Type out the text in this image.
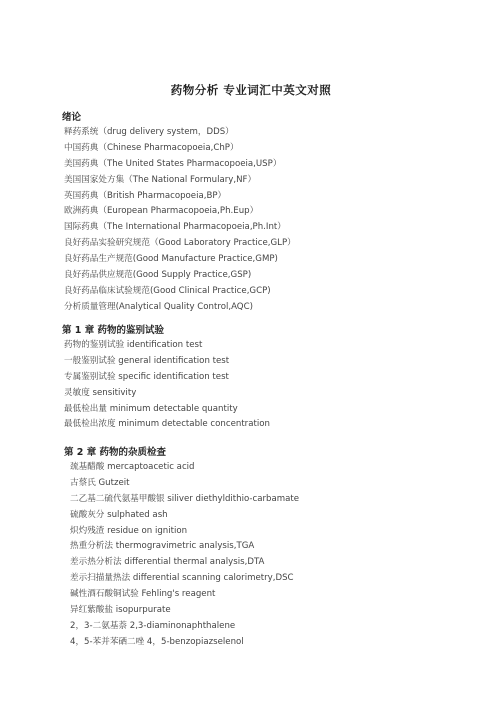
药物分析 专业词汇中英文对照
绪论
释药系统（drug delivery system，DDS）
中国药典（Chinese Pharmacopoeia,ChP）
美国药典（The United States Pharmacopoeia,USP）
美国国家处方集（The National Formulary,NF）
英国药典（British Pharmacopoeia,BP）
欧洲药典（European Pharmacopoeia,Ph.Eup）
国际药典（The International Pharmacopoeia,Ph.Int）
良好药品实验研究规范（Good Laboratory Practice,GLP）
良好药品生产规范(Good Manufacture Practice,GMP)
良好药品供应规范(Good Supply Practice,GSP)
良好药品临床试验规范(Good Clinical Practice,GCP)
分析质量管理(Analytical Quality Control,AQC)
第 1 章 药物的鉴别试验
药物的鉴别试验 identification test
一般鉴别试验 general identification test
专属鉴别试验 specific identification test
灵敏度 sensitivity
最低检出量 minimum detectable quantity
最低检出浓度 minimum detectable concentration
第 2 章 药物的杂质检查
巯基醋酸 mercaptoacetic acid
古蔡氏 Gutzeit
二乙基二硫代氨基甲酸银 siliver diethyldithio-carbamate
硫酸灰分 sulphated ash
炽灼残渣 residue on ignition
热重分析法 thermogravimetric analysis,TGA
差示热分析法 differential thermal analysis,DTA
差示扫描量热法 differential scanning calorimetry,DSC
碱性酒石酸铜试验 Fehling's reagent
异红紫酸盐 isopurpurate
2，3-二氨基萘 2,3-diaminonaphthalene
4，5-苯并苯硒二唑 4，5-benzopiazselenol
